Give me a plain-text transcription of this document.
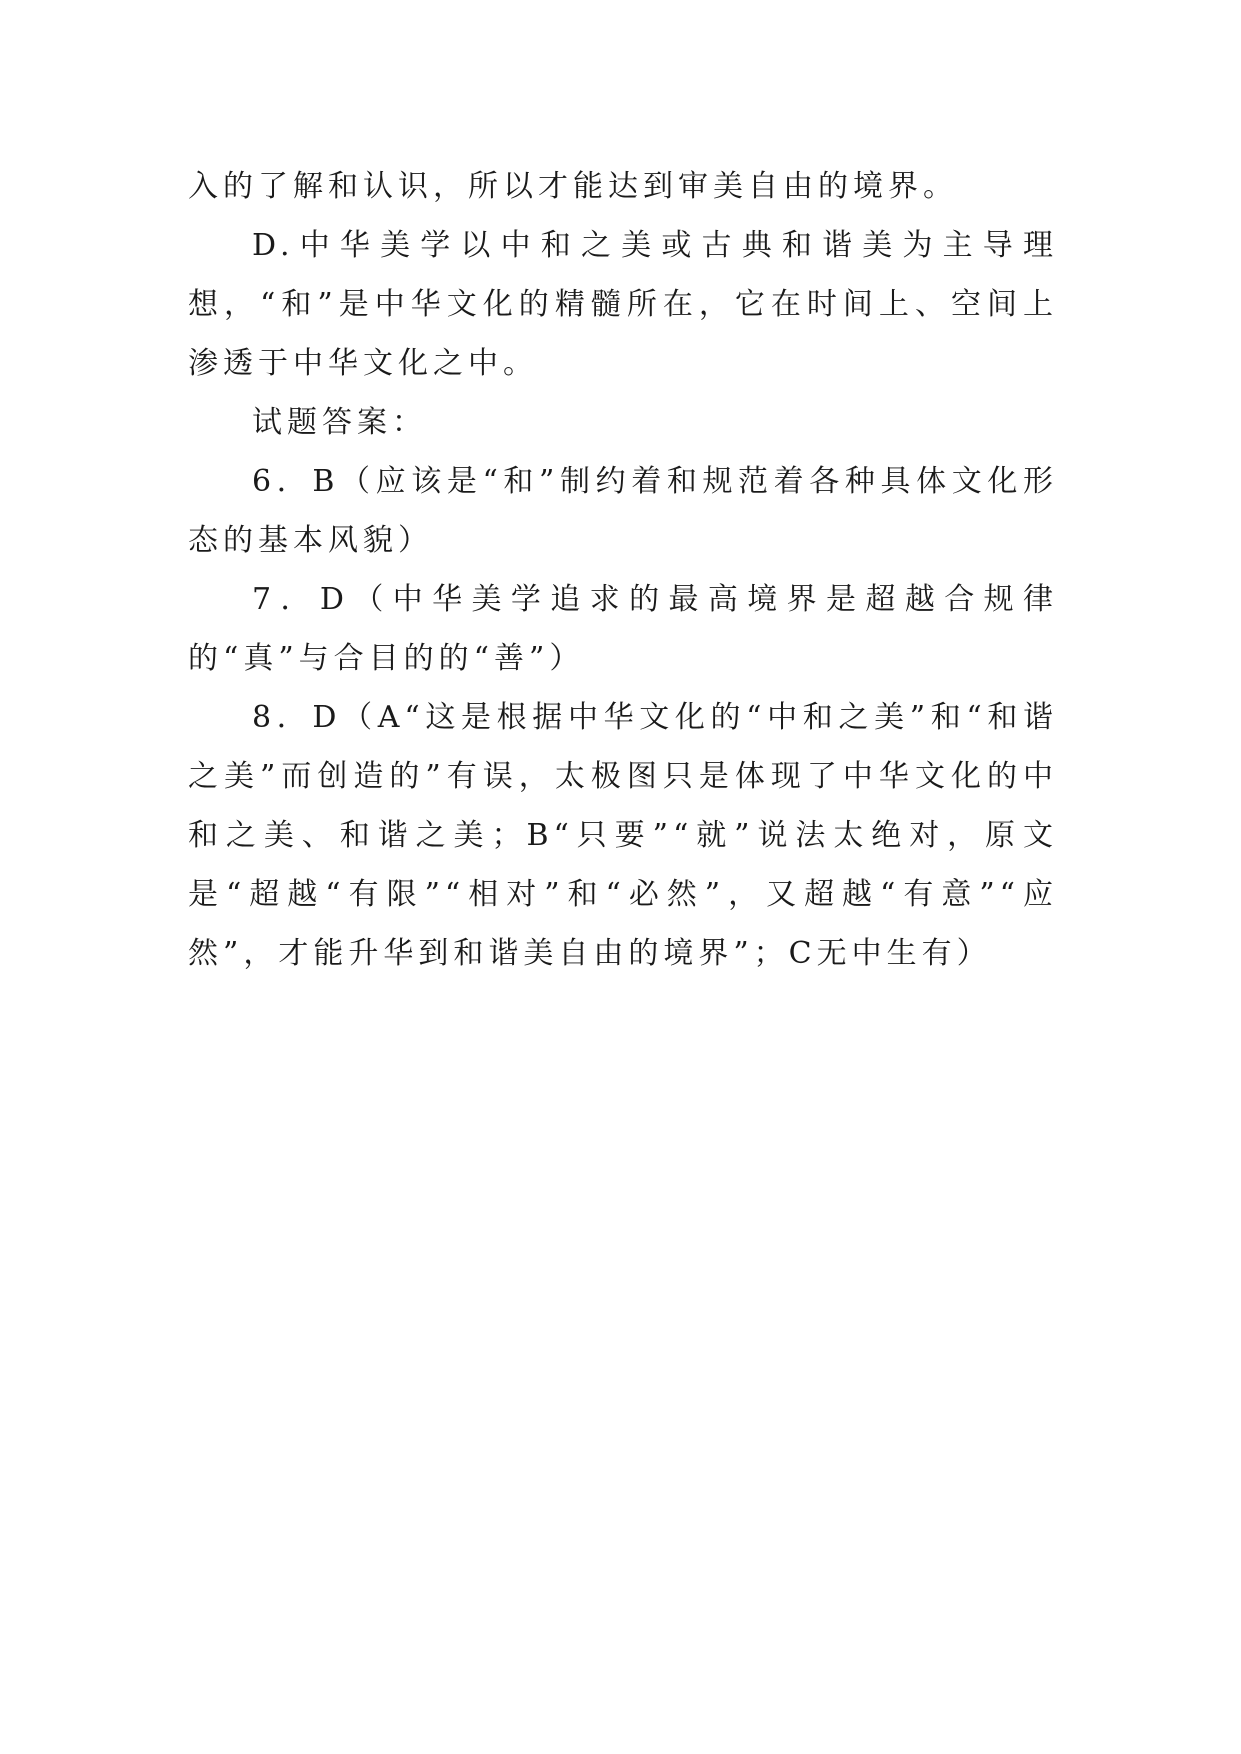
入的了解和认识，所以才能达到审美自由的境界。

D.中华美学以中和之美或古典和谐美为主导理想，“和”是中华文化的精髓所在，它在时间上、空间上渗透于中华文化之中。

试题答案：

6．B（应该是“和”制约着和规范着各种具体文化形态的基本风貌）

7．D（中华美学追求的最高境界是超越合规律的“真”与合目的的“善”）

8．D（A“这是根据中华文化的“中和之美”和“和谐之美”而创造的”有误，太极图只是体现了中华文化的中和之美、和谐之美；B“只要”“就”说法太绝对，原文是“超越“有限”“相对”和“必然”，又超越“有意”“应然”，才能升华到和谐美自由的境界”；C无中生有）
